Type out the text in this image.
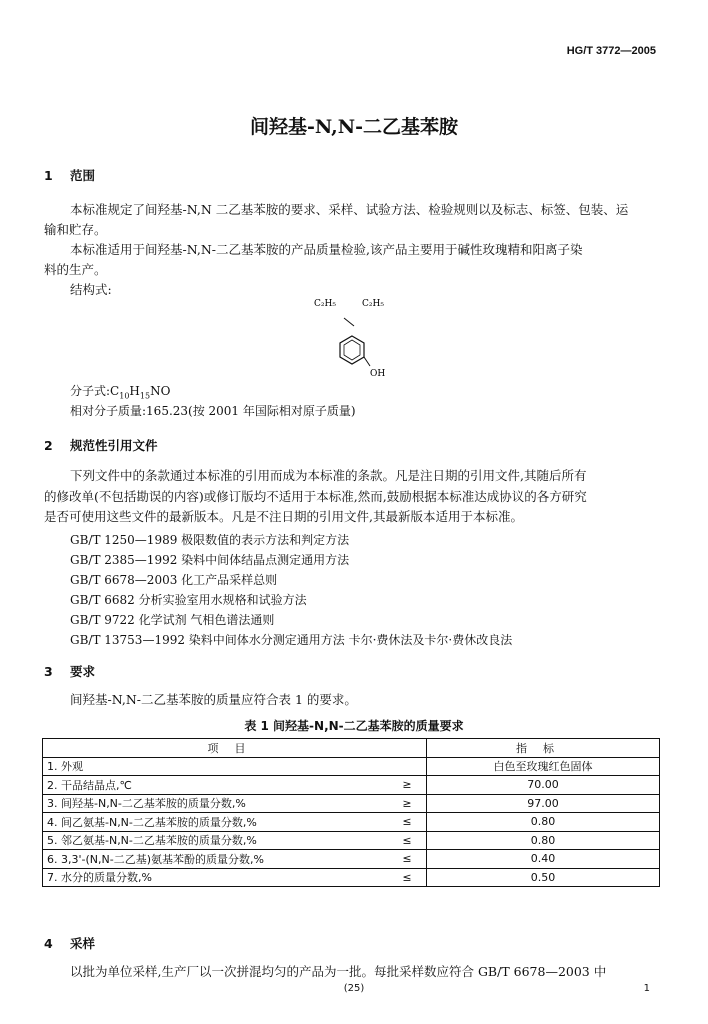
HG/T 3772—2005
间羟基-N,N-二乙基苯胺
1 范围
本标准规定了间羟基-N,N 二乙基苯胺的要求、采样、试验方法、检验规则以及标志、标签、包装、运
输和贮存。
本标准适用于间羟基-N,N-二乙基苯胺的产品质量检验,该产品主要用于碱性玫瑰精和阳离子染
料的生产。
结构式:
C₂H₅	C₂H₅
OH
分子式$:C_{10}H_{15}NO$
相对分子质量:165.23(按 2001 年国际相对原子质量)
2 规范性引用文件
下列文件中的条款通过本标准的引用而成为本标准的条款。凡是注日期的引用文件,其随后所有
的修改单(不包括勘误的内容)或修订版均不适用于本标准,然而,鼓励根据本标准达成协议的各方研究
是否可使用这些文件的最新版本。凡是不注日期的引用文件,其最新版本适用于本标准。
GB/T 1250—1989 极限数值的表示方法和判定方法
GB/T 2385—1992 染料中间体结晶点测定通用方法
GB/T 6678—2003 化工产品采样总则
GB/T 6682 分析实验室用水规格和试验方法
GB/T 9722 化学试剂 气相色谱法通则
GB/T 13753—1992 染料中间体水分测定通用方法 卡尔·费休法及卡尔·费休改良法
3 要求
间羟基-N,N-二乙基苯胺的质量应符合表 1 的要求。
表 1 间羟基-N,N-二乙基苯胺的质量要求
项目		指标
1. 外观		白色至玫瑰红色固体
2. 干品结晶点,℃	≥	70.00
3. 间羟基-N,N-二乙基苯胺的质量分数,%	≥	97.00
4. 间乙氨基-N,N-二乙基苯胺的质量分数,%	≤	0.80
5. 邻乙氨基-N,N-二乙基苯胺的质量分数,%	≤	0.80
6. 3,3'-(N,N-二乙基)氨基苯酚的质量分数,%	≤	0.40
7. 水分的质量分数,%	≤	0.50
4 采样
以批为单位采样,生产厂以一次拼混均匀的产品为一批。每批采样数应符合 GB/T 6678—2003 中
(25)	1
